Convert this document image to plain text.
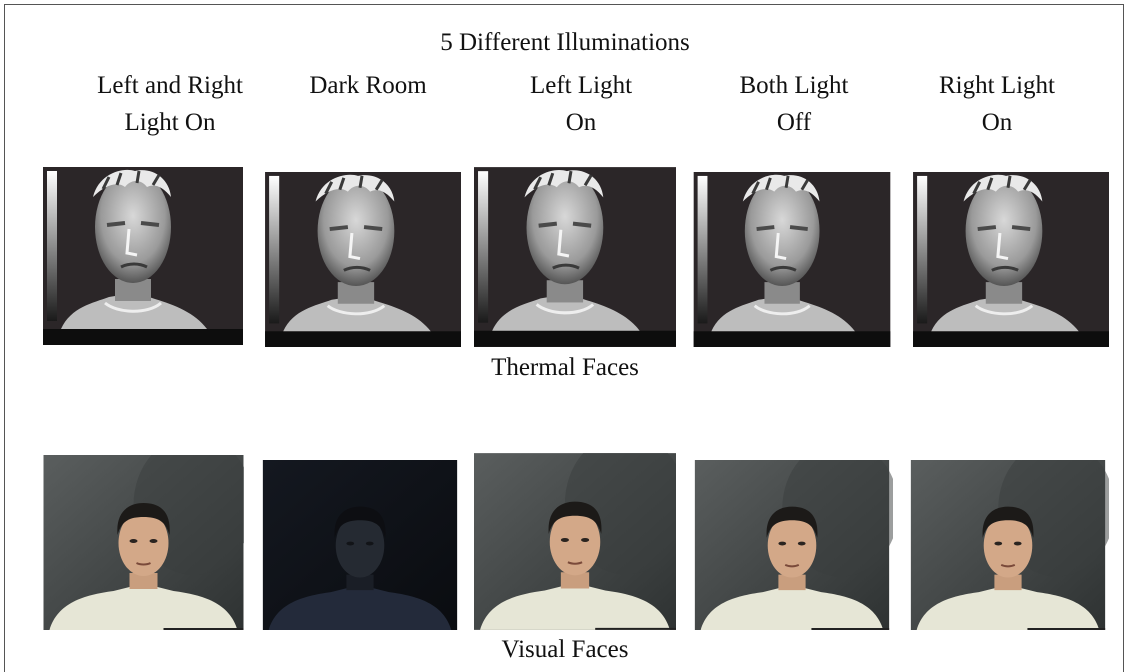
5 Different Illuminations
Left and Right
Light On
Dark Room	Left Light
On
Both Light
Off
Right Light
On
Thermal Faces
Visual Faces
